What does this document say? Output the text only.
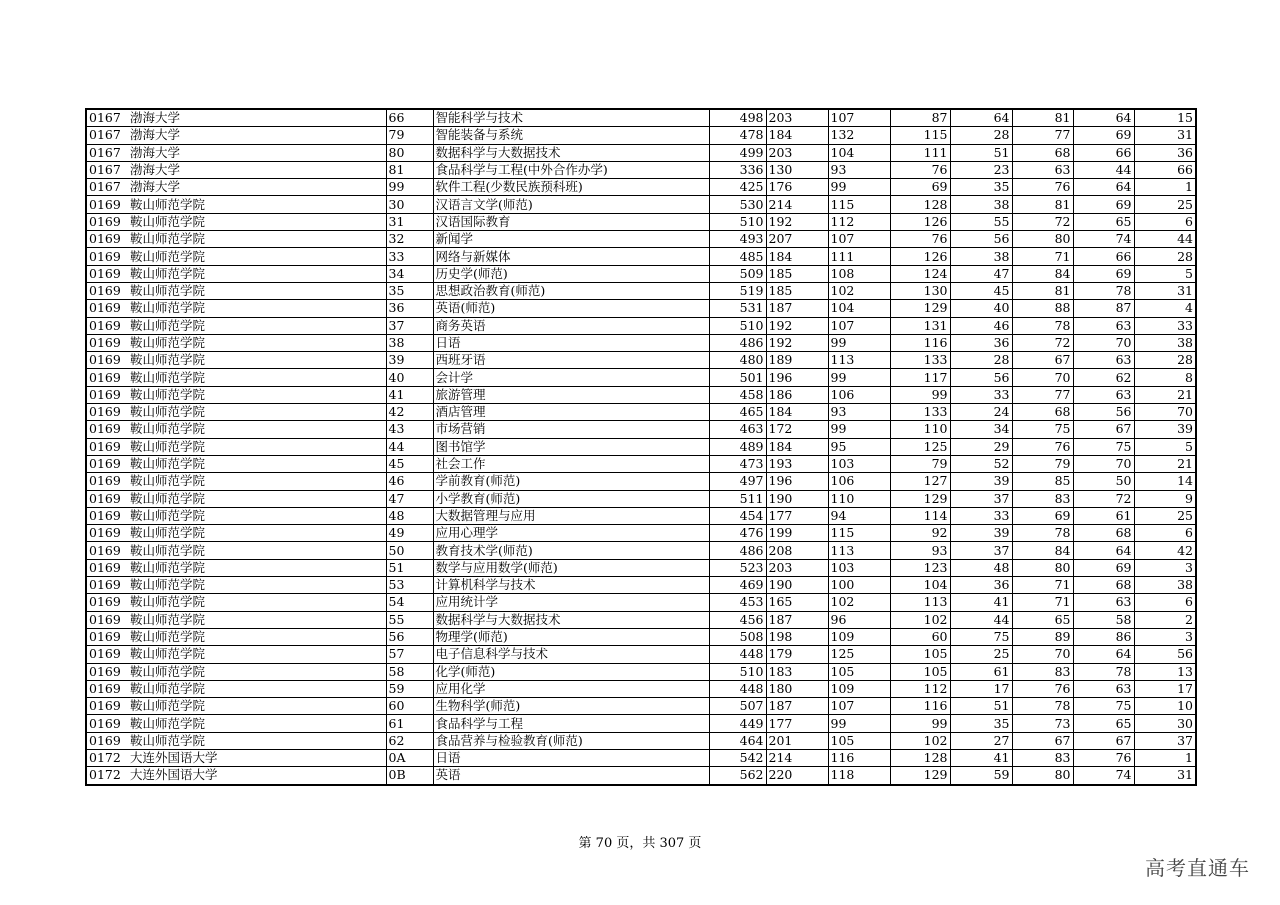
0167	渤海大学	66	智能科学与技术	498	203	107	87	64	81	64	15
0167	渤海大学	79	智能装备与系统	478	184	132	115	28	77	69	31
0167	渤海大学	80	数据科学与大数据技术	499	203	104	111	51	68	66	36
0167	渤海大学	81	食品科学与工程(中外合作办学)	336	130	93	76	23	63	44	66
0167	渤海大学	99	软件工程(少数民族预科班)	425	176	99	69	35	76	64	1
0169	鞍山师范学院	30	汉语言文学(师范)	530	214	115	128	38	81	69	25
0169	鞍山师范学院	31	汉语国际教育	510	192	112	126	55	72	65	6
0169	鞍山师范学院	32	新闻学	493	207	107	76	56	80	74	44
0169	鞍山师范学院	33	网络与新媒体	485	184	111	126	38	71	66	28
0169	鞍山师范学院	34	历史学(师范)	509	185	108	124	47	84	69	5
0169	鞍山师范学院	35	思想政治教育(师范)	519	185	102	130	45	81	78	31
0169	鞍山师范学院	36	英语(师范)	531	187	104	129	40	88	87	4
0169	鞍山师范学院	37	商务英语	510	192	107	131	46	78	63	33
0169	鞍山师范学院	38	日语	486	192	99	116	36	72	70	38
0169	鞍山师范学院	39	西班牙语	480	189	113	133	28	67	63	28
0169	鞍山师范学院	40	会计学	501	196	99	117	56	70	62	8
0169	鞍山师范学院	41	旅游管理	458	186	106	99	33	77	63	21
0169	鞍山师范学院	42	酒店管理	465	184	93	133	24	68	56	70
0169	鞍山师范学院	43	市场营销	463	172	99	110	34	75	67	39
0169	鞍山师范学院	44	图书馆学	489	184	95	125	29	76	75	5
0169	鞍山师范学院	45	社会工作	473	193	103	79	52	79	70	21
0169	鞍山师范学院	46	学前教育(师范)	497	196	106	127	39	85	50	14
0169	鞍山师范学院	47	小学教育(师范)	511	190	110	129	37	83	72	9
0169	鞍山师范学院	48	大数据管理与应用	454	177	94	114	33	69	61	25
0169	鞍山师范学院	49	应用心理学	476	199	115	92	39	78	68	6
0169	鞍山师范学院	50	教育技术学(师范)	486	208	113	93	37	84	64	42
0169	鞍山师范学院	51	数学与应用数学(师范)	523	203	103	123	48	80	69	3
0169	鞍山师范学院	53	计算机科学与技术	469	190	100	104	36	71	68	38
0169	鞍山师范学院	54	应用统计学	453	165	102	113	41	71	63	6
0169	鞍山师范学院	55	数据科学与大数据技术	456	187	96	102	44	65	58	2
0169	鞍山师范学院	56	物理学(师范)	508	198	109	60	75	89	86	3
0169	鞍山师范学院	57	电子信息科学与技术	448	179	125	105	25	70	64	56
0169	鞍山师范学院	58	化学(师范)	510	183	105	105	61	83	78	13
0169	鞍山师范学院	59	应用化学	448	180	109	112	17	76	63	17
0169	鞍山师范学院	60	生物科学(师范)	507	187	107	116	51	78	75	10
0169	鞍山师范学院	61	食品科学与工程	449	177	99	99	35	73	65	30
0169	鞍山师范学院	62	食品营养与检验教育(师范)	464	201	105	102	27	67	67	37
0172	大连外国语大学	0A	日语	542	214	116	128	41	83	76	1
0172	大连外国语大学	0B	英语	562	220	118	129	59	80	74	31
第 70 页，共 307 页
高考直通车
